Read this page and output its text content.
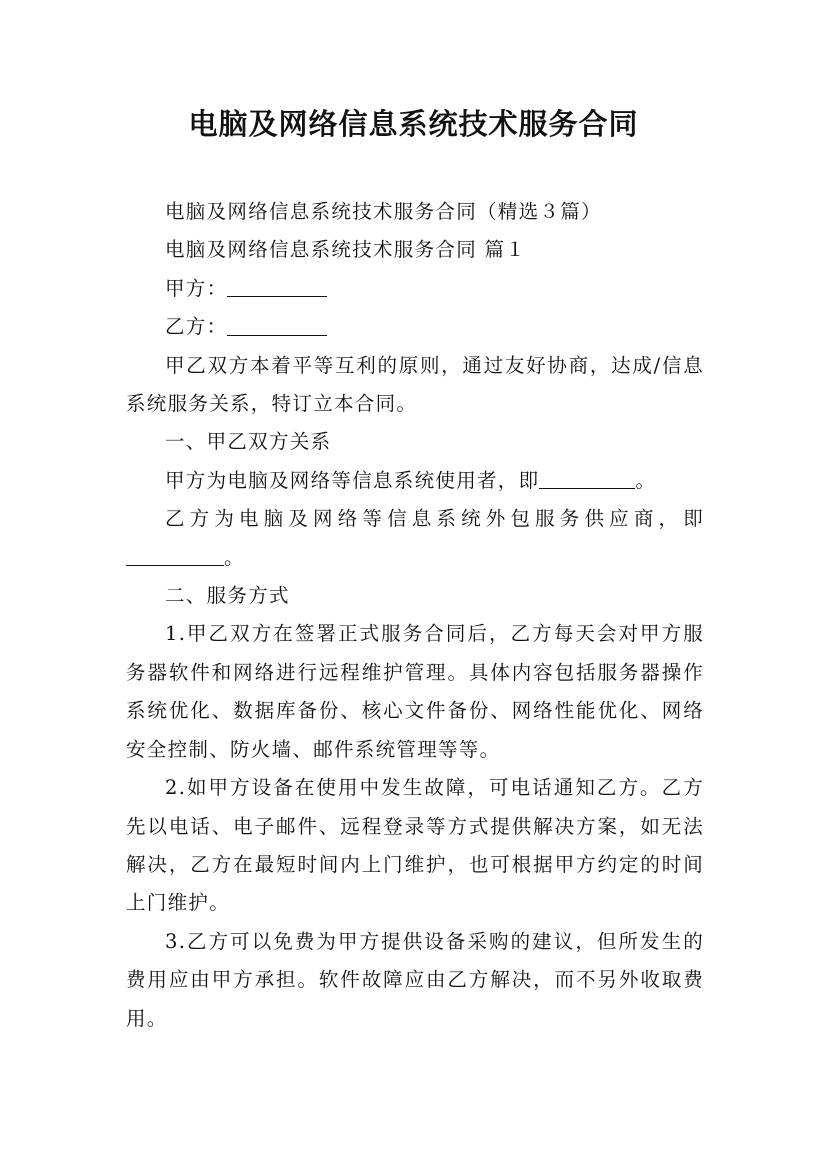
电脑及网络信息系统技术服务合同

电脑及网络信息系统技术服务合同（精选３篇）

电脑及网络信息系统技术服务合同 篇１

甲方：

乙方：

甲乙双方本着平等互利的原则，通过友好协商，达成/信息系统服务关系，特订立本合同。

一、甲乙双方关系

甲方为电脑及网络等信息系统使用者，即	。

乙方为电脑及网络等信息系统外包服务供应商，即。

二、服务方式

1.甲乙双方在签署正式服务合同后，乙方每天会对甲方服务器软件和网络进行远程维护管理。具体内容包括服务器操作系统优化、数据库备份、核心文件备份、网络性能优化、网络安全控制、防火墙、邮件系统管理等等。

2.如甲方设备在使用中发生故障，可电话通知乙方。乙方先以电话、电子邮件、远程登录等方式提供解决方案，如无法解决，乙方在最短时间内上门维护，也可根据甲方约定的时间上门维护。

3.乙方可以免费为甲方提供设备采购的建议，但所发生的费用应由甲方承担。软件故障应由乙方解决，而不另外收取费用。
